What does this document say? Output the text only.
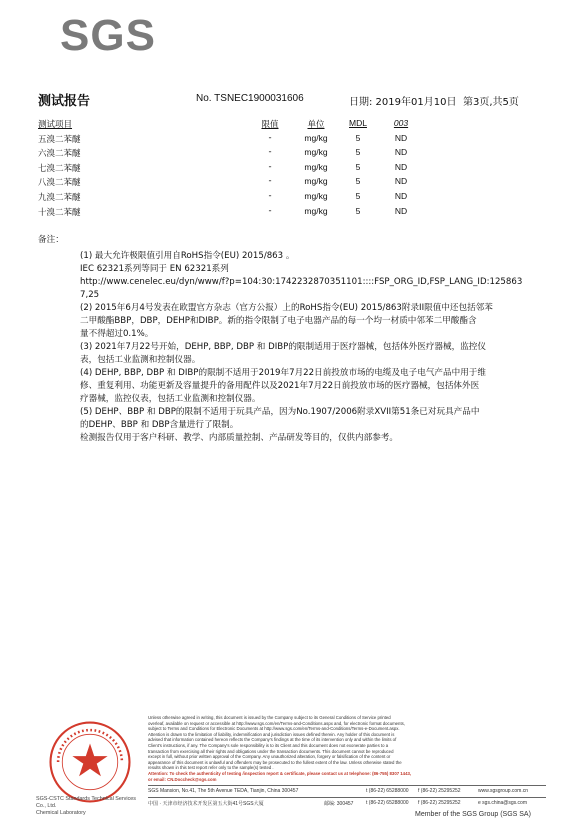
SGS
测试报告	No. TSNEC1900031606	日期: 2019年01月10日 第3页,共5页
测试项目	限值	单位	MDL	003
五溴二苯醚	-	mg/kg	5	ND
六溴二苯醚	-	mg/kg	5	ND
七溴二苯醚	-	mg/kg	5	ND
八溴二苯醚	-	mg/kg	5	ND
九溴二苯醚	-	mg/kg	5	ND
十溴二苯醚	-	mg/kg	5	ND
备注：
(1) 最大允许极限值引用自RoHS指令(EU) 2015/863 。
IEC 62321系列等同于 EN 62321系列
http://www.cenelec.eu/dyn/www/f?p=104:30:1742232870351101::::FSP_ORG_ID,FSP_LANG_ID:125863
7,25
(2) 2015年6月4号发表在欧盟官方杂志（官方公报）上的RoHS指令(EU) 2015/863附录II限值中还包括邻苯
二甲酸酯BBP，DBP，DEHP和DIBP。新的指令限制了电子电器产品的每一个均一材质中邻苯二甲酸酯含
量不得超过0.1%。
(3) 2021年7月22号开始，DEHP, BBP, DBP 和 DIBP的限制适用于医疗器械，包括体外医疗器械，监控仪
表，包括工业监测和控制仪器。
(4) DEHP, BBP, DBP 和 DIBP的限制不适用于2019年7月22日前投放市场的电缆及电子电气产品中用于维
修、重复利用、功能更新及容量提升的备用配件以及2021年7月22日前投放市场的医疗器械，包括体外医
疗器械，监控仪表，包括工业监测和控制仪器。
(5) DEHP、BBP 和 DBP的限制不适用于玩具产品，因为No.1907/2006附录XVII第51条已对玩具产品中
的DEHP、BBP 和 DBP含量进行了限制。
检测报告仅用于客户科研、教学、内部质量控制、产品研发等目的，仅供内部参考。
SGS-CSTC Standards Technical Services Co., Ltd.
Chemical Laboratory
Unless otherwise agreed in writing, this document is issued by the Company subject to its General Conditions of Service printed
overleaf, available on request or accessible at http://www.sgs.com/en/Terms-and-Conditions.aspx and, for electronic format documents,
subject to Terms and Conditions for Electronic Documents at http://www.sgs.com/en/Terms-and-Conditions/Terms-e-Document.aspx.
Attention is drawn to the limitation of liability, indemnification and jurisdiction issues defined therein. Any holder of this document is
advised that information contained hereon reflects the Company's findings at the time of its intervention only and within the limits of
Client's instructions, if any. The Company's sole responsibility is to its Client and this document does not exonerate parties to a
transaction from exercising all their rights and obligations under the transaction documents. This document cannot be reproduced
except in full, without prior written approval of the Company. Any unauthorized alteration, forgery or falsification of the content or
appearance of this document is unlawful and offenders may be prosecuted to the fullest extent of the law. Unless otherwise stated the
results shown in this test report refer only to the sample(s) tested .
Attention: To check the authenticity of testing /inspection report & certificate, please contact us at telephone: (86-755) 8307 1443,
or email: CN.Doccheck@sgs.com
SGS Mansion, No.41, The 5th Avenue TEDA, Tianjin, China 300457	t (86-22) 65288000 f (86-22) 25295252	www.sgsgroup.com.cn
中国 · 天津市经济技术开发区第五大街41号SGS大厦	邮编: 300457	t (86-22) 65288000 f (86-22) 25295252	e sgs.china@sgs.com
Member of the SGS Group (SGS SA)
